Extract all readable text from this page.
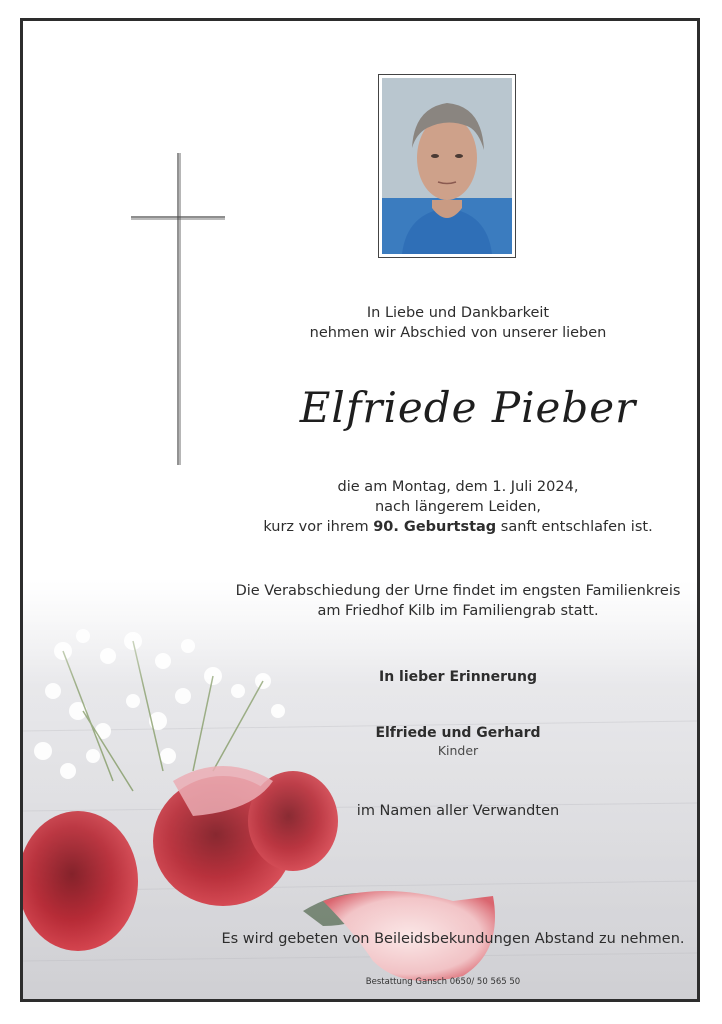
In Liebe und Dankbarkeit
nehmen wir Abschied von unserer lieben
Elfriede Pieber
die am Montag, dem 1. Juli 2024,
nach längerem Leiden,
kurz vor ihrem 90. Geburtstag sanft entschlafen ist.
Die Verabschiedung der Urne findet im engsten Familienkreis
am Friedhof Kilb im Familiengrab statt.
In lieber Erinnerung
Elfriede und Gerhard
Kinder
im Namen aller Verwandten
Es wird gebeten von Beileidsbekundungen Abstand zu nehmen.
Bestattung Gansch 0650/ 50 565 50
